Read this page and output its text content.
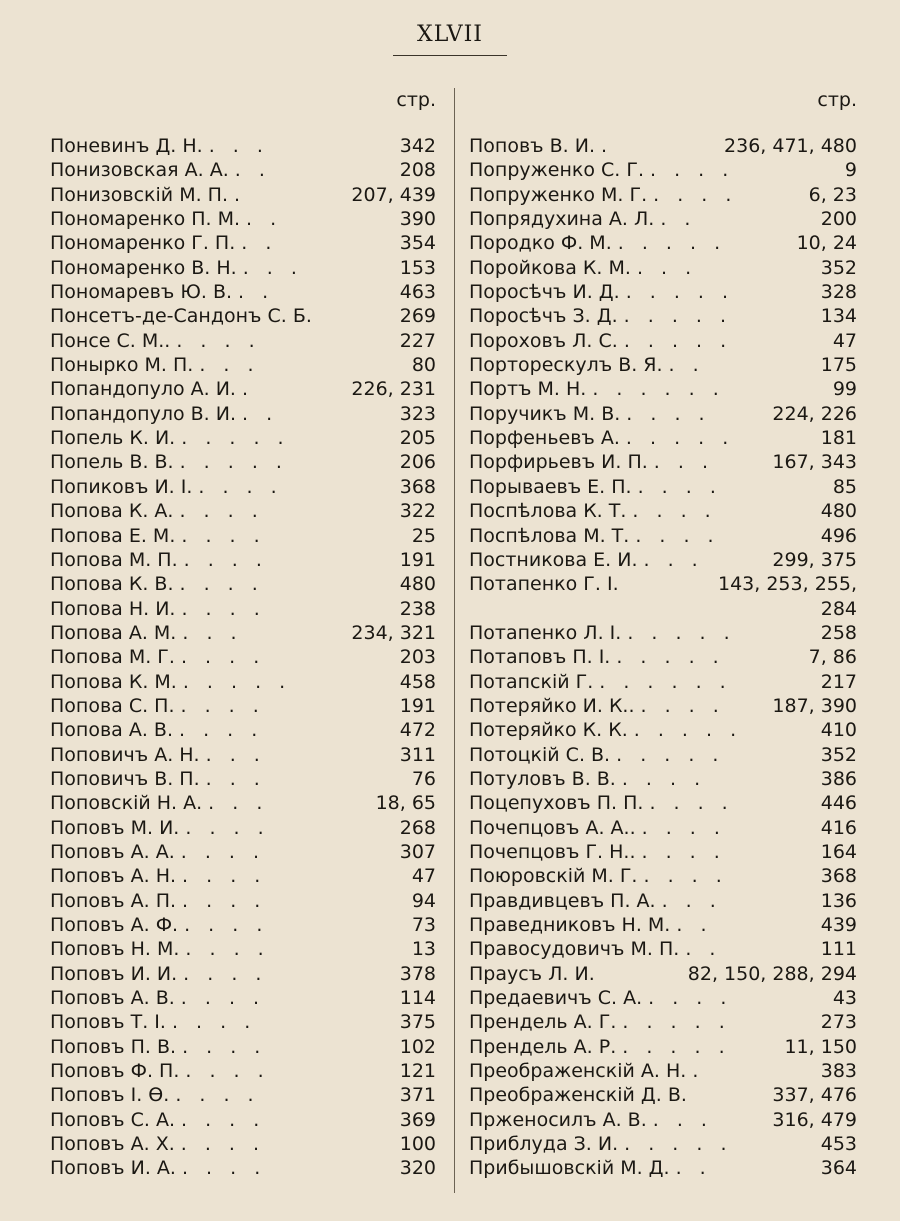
XLVII
стр.
Поневинъ Д. Н. . . .	342
Понизовская А. А. . .	208
Понизовскiй М. П. .	207, 439
Пономаренко П. М. . .	390
Пономаренко Г. П. . .	354
Пономаренко В. Н. . . .	153
Пономаревъ Ю. В. . .	463
Понсетъ-де-Сандонъ С. Б.	269
Понсе С. М.. . . . .	227
Понырко М. П. . . .	80
Попандопуло А. И. .	226, 231
Попандопуло В. И. . .	323
Попель К. И. . . . . .	205
Попель В. В. . . . . .	206
Попиковъ И. І. . . . .	368
Попова К. А. . . . .	322
Попова Е. М. . . . .	25
Попова М. П. . . . .	191
Попова К. В. . . . .	480
Попова Н. И. . . . .	238
Попова А. М. . . .	234, 321
Попова М. Г. . . . .	203
Попова К. М. . . . . .	458
Попова С. П. . . . .	191
Попова А. В. . . . .	472
Поповичъ А. Н. . . .	311
Поповичъ В. П. . . .	76
Поповскiй Н. А. . . .	18, 65
Поповъ М. И. . . . .	268
Поповъ А. А. . . . .	307
Поповъ А. Н. . . . .	47
Поповъ А. П. . . . .	94
Поповъ А. Ф. . . . .	73
Поповъ Н. М. . . . .	13
Поповъ И. И. . . . .	378
Поповъ А. В. . . . .	114
Поповъ Т. І. . . . .	375
Поповъ П. В. . . . .	102
Поповъ Ф. П. . . . .	121
Поповъ І. Ѳ. . . . .	371
Поповъ С. А. . . . .	369
Поповъ А. Х. . . . .	100
Поповъ И. А. . . . .	320
стр.
Поповъ В. И. .	236, 471, 480
Попруженко С. Г. . . . .	9
Попруженко М. Г. . . . .	6, 23
Попрядухина А. Л. . .	200
Породко Ф. М. . . . . .	10, 24
Поройкова К. М. . . .	352
Поросѣчъ И. Д. . . . . .	328
Поросѣчъ З. Д. . . . . .	134
Пороховъ Л. С. . . . . .	47
Порторескулъ В. Я. . .	175
Портъ М. Н. . . . . . .	99
Поручикъ М. В. . . . .	224, 226
Порфеньевъ А. . . . . .	181
Порфирьевъ И. П. . . .	167, 343
Порываевъ Е. П. . . . .	85
Поспѣлова К. Т. . . . .	480
Поспѣлова М. Т. . . . .	496
Постникова Е. И. . . .	299, 375
Потапенко Г. І.	143, 253, 255,
284
Потапенко Л. І. . . . . .	258
Потаповъ П. І. . . . . .	7, 86
Потапскiй Г. . . . . . .	217
Потеряйко И. К.. . . . .	187, 390
Потеряйко К. К. . . . . .	410
Потоцкiй С. В. . . . . .	352
Потуловъ В. В. . . . .	386
Поцепуховъ П. П. . . . .	446
Почепцовъ А. А.. . . . .	416
Почепцовъ Г. Н.. . . . .	164
Поюровскiй М. Г. . . . .	368
Правдивцевъ П. А. . . .	136
Праведниковъ Н. М. . .	439
Правосудовичъ М. П. . .	111
Праусъ Л. И.	82, 150, 288, 294
Предаевичъ С. А. . . . .	43
Прендель А. Г. . . . . .	273
Прендель А. Р. . . . . .	11, 150
Преображенскiй А. Н. .	383
Преображенскiй Д. В.	337, 476
Прженосилъ А. В. . . .	316, 479
Приблуда З. И. . . . . .	453
Прибышовскiй М. Д. . .	364
